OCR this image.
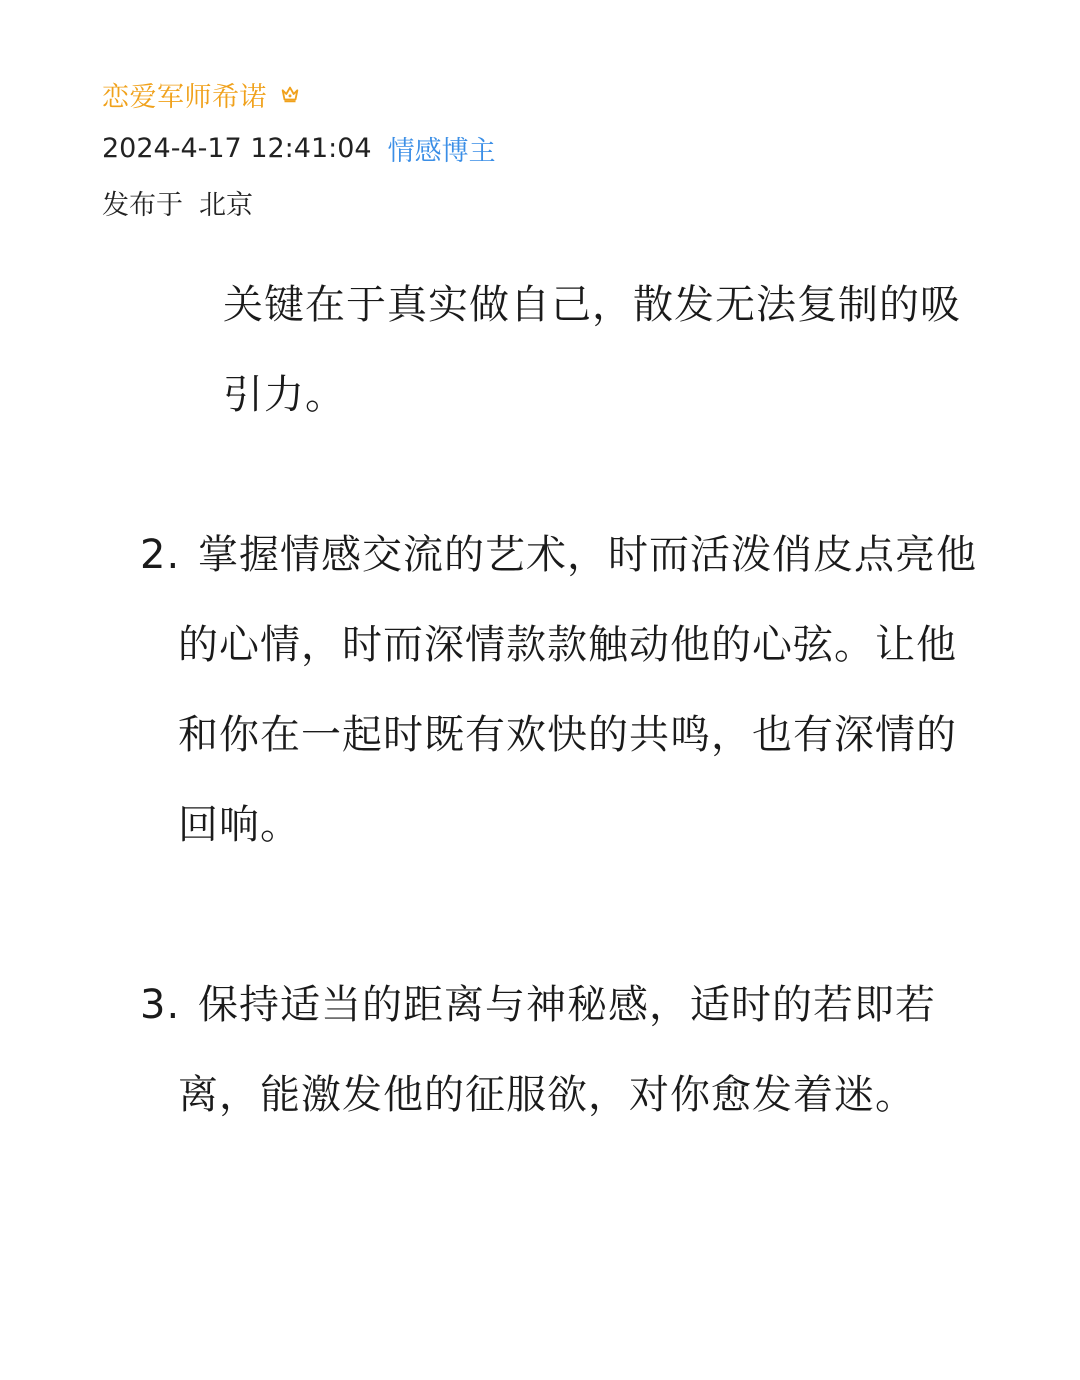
恋爱军师希诺
2024-4-17 12:41:04 情感博主
发布于 北京
关键在于真实做自己，散发无法复制的吸引力。
2. 掌握情感交流的艺术，时而活泼俏皮点亮他的心情，时而深情款款触动他的心弦。让他和你在一起时既有欢快的共鸣，也有深情的回响。
3. 保持适当的距离与神秘感，适时的若即若离，能激发他的征服欲，对你愈发着迷。
